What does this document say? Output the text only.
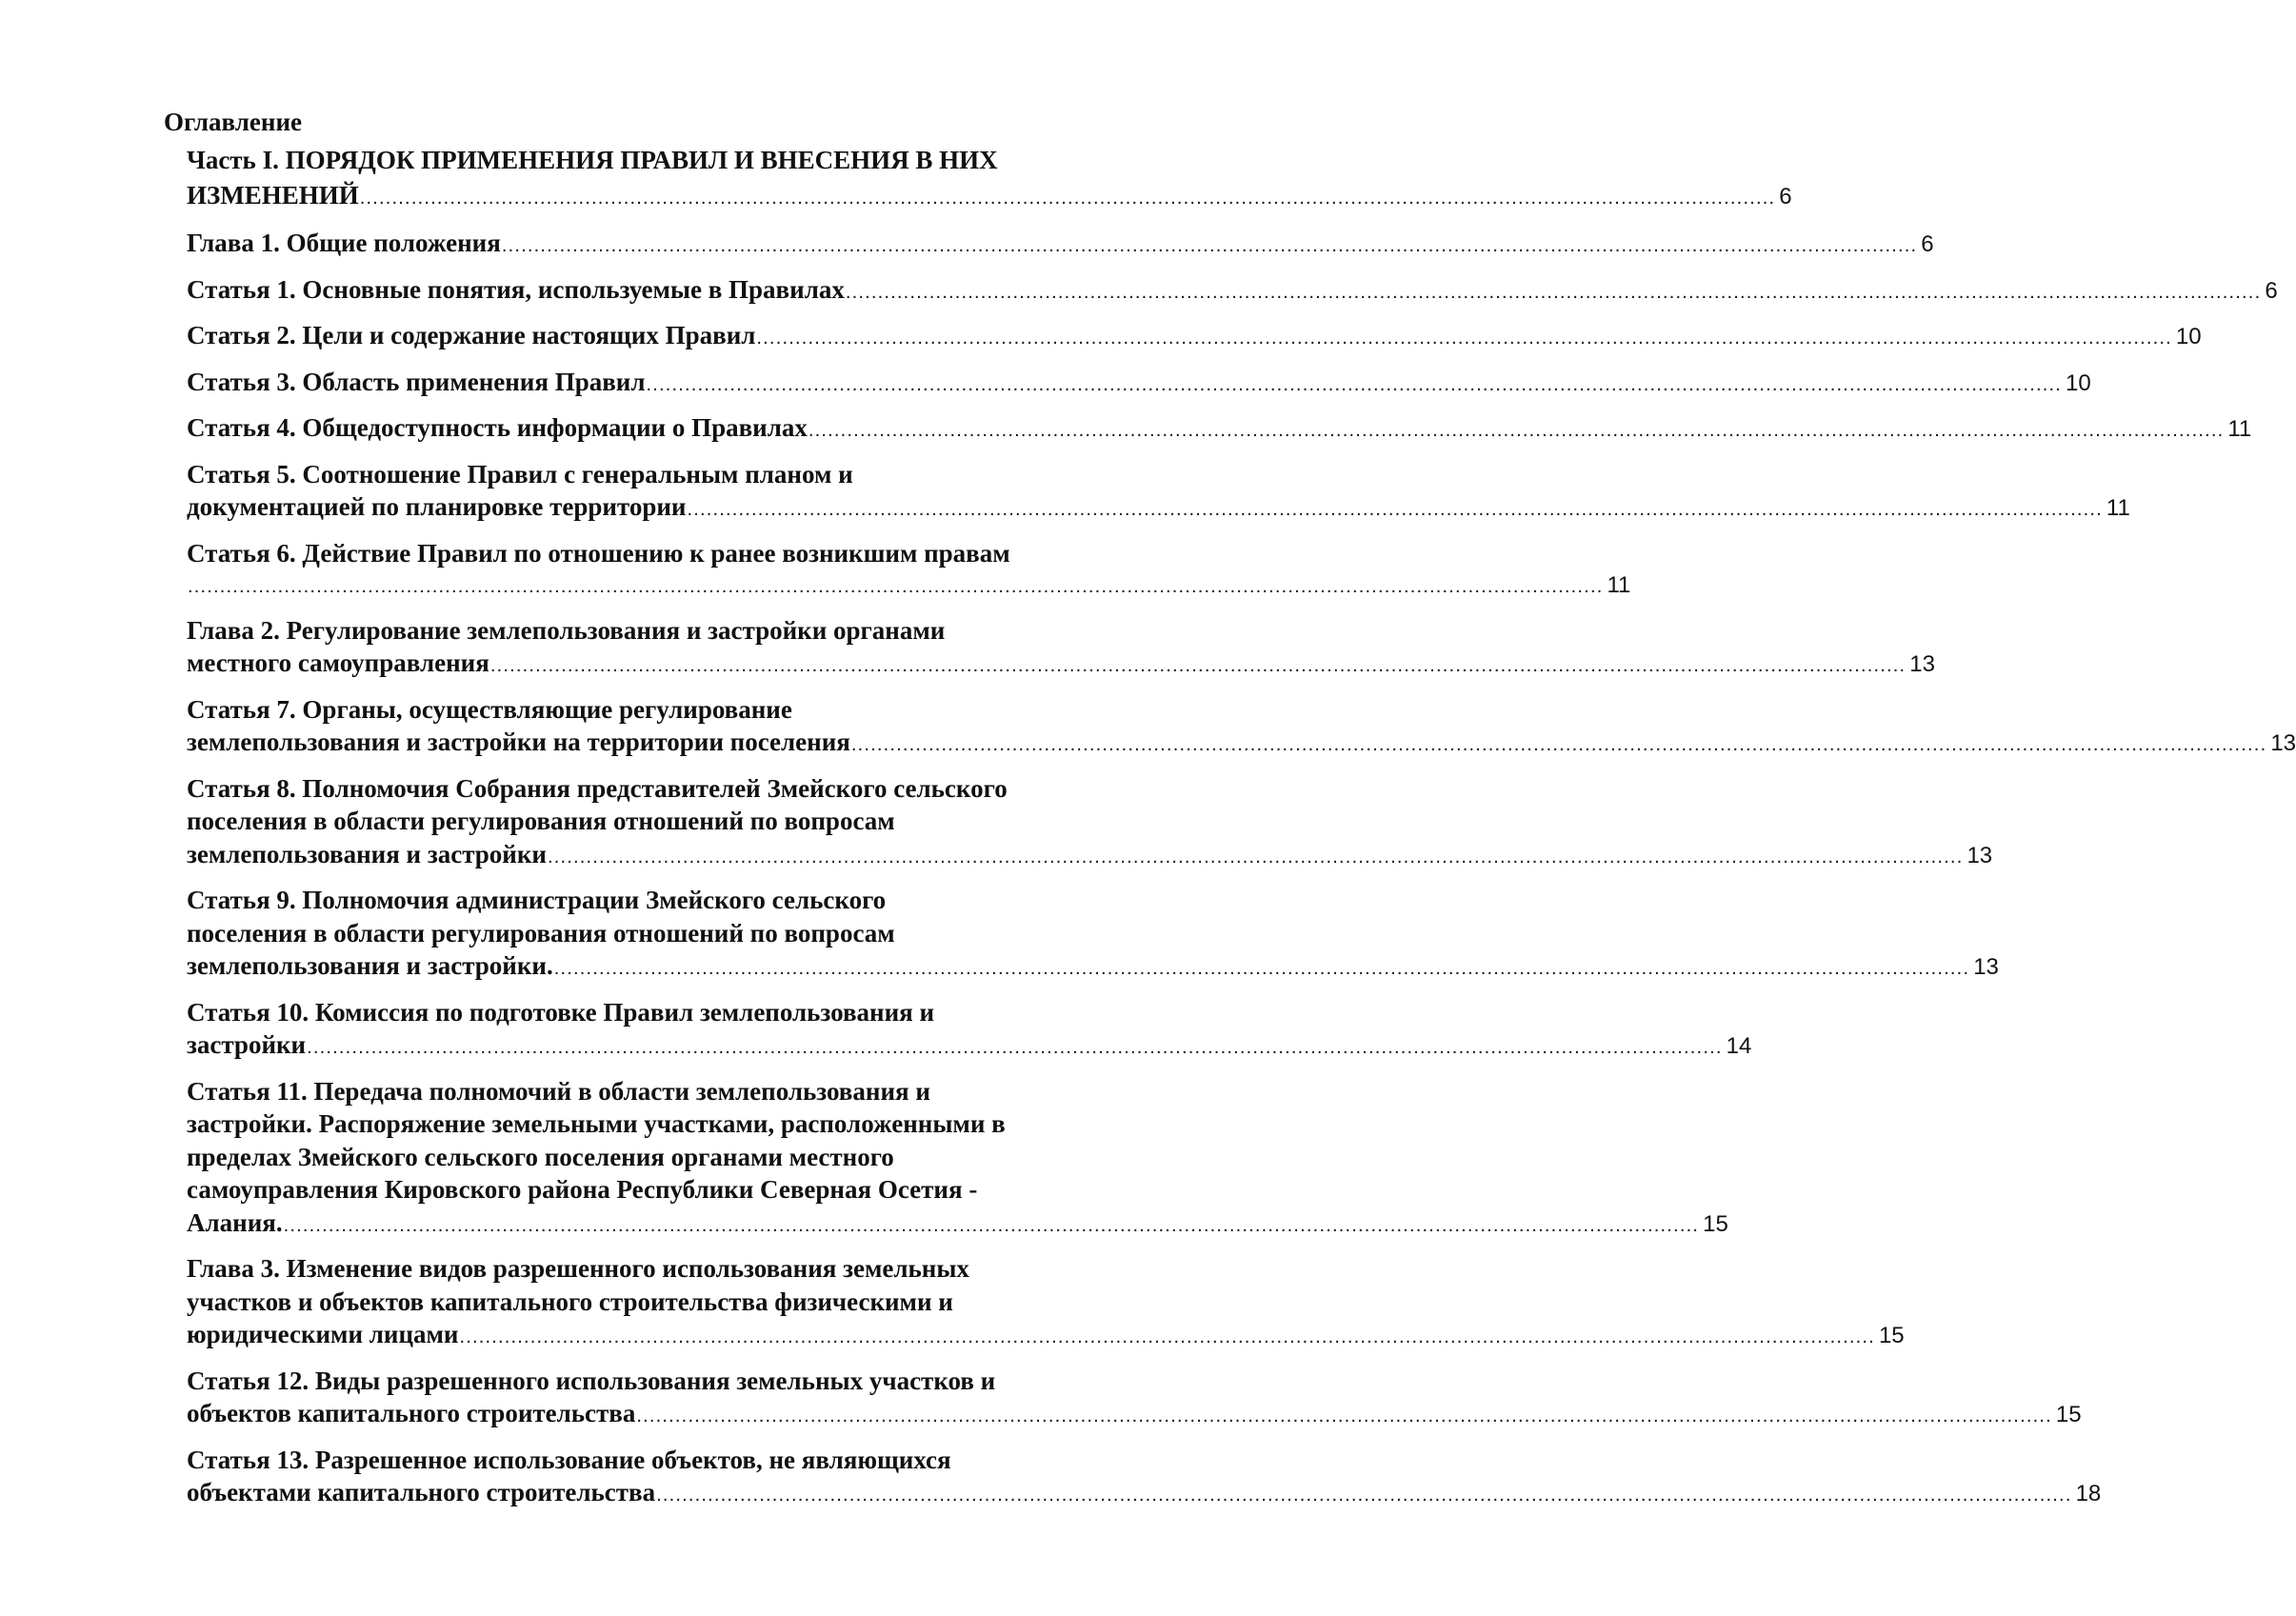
Оглавление
Часть I. ПОРЯДОК ПРИМЕНЕНИЯ ПРАВИЛ И ВНЕСЕНИЯ В НИХ
ИЗМЕНЕНИЙ ............................................................................................................................................................................................................................ 6
Глава 1. Общие положения ............................................................................................................................................................................................................................ 6
Статья 1. Основные понятия, используемые в Правилах ............................................................................................................................................................................................................................ 6
Статья 2. Цели и содержание настоящих Правил ............................................................................................................................................................................................................................ 10
Статья 3. Область применения Правил ............................................................................................................................................................................................................................ 10
Статья 4. Общедоступность информации о Правилах ............................................................................................................................................................................................................................ 11
Статья 5. Соотношение Правил с генеральным планом и
документацией по планировке территории ............................................................................................................................................................................................................................ 11
Статья 6. Действие Правил по отношению к ранее возникшим правам
............................................................................................................................................................................................................................ 11
Глава 2. Регулирование землепользования и застройки органами
местного самоуправления ............................................................................................................................................................................................................................ 13
Статья 7. Органы, осуществляющие регулирование
землепользования и застройки на территории поселения ............................................................................................................................................................................................................................ 13
Статья 8. Полномочия Собрания представителей Змейского сельского
поселения в области регулирования отношений по вопросам
землепользования и застройки ............................................................................................................................................................................................................................ 13
Статья 9. Полномочия администрации Змейского сельского
поселения в области регулирования отношений по вопросам
землепользования и застройки. ............................................................................................................................................................................................................................ 13
Статья 10. Комиссия по подготовке Правил землепользования и
застройки ............................................................................................................................................................................................................................ 14
Статья 11. Передача полномочий в области землепользования и
застройки. Распоряжение земельными участками, расположенными в
пределах Змейского сельского поселения органами местного
самоуправления Кировского района Республики Северная Осетия -
Алания. ............................................................................................................................................................................................................................ 15
Глава 3. Изменение видов разрешенного использования земельных
участков и объектов капитального строительства физическими и
юридическими лицами ............................................................................................................................................................................................................................ 15
Статья 12. Виды разрешенного использования земельных участков и
объектов капитального строительства ............................................................................................................................................................................................................................ 15
Статья 13. Разрешенное использование объектов, не являющихся
объектами капитального строительства ............................................................................................................................................................................................................................ 18
